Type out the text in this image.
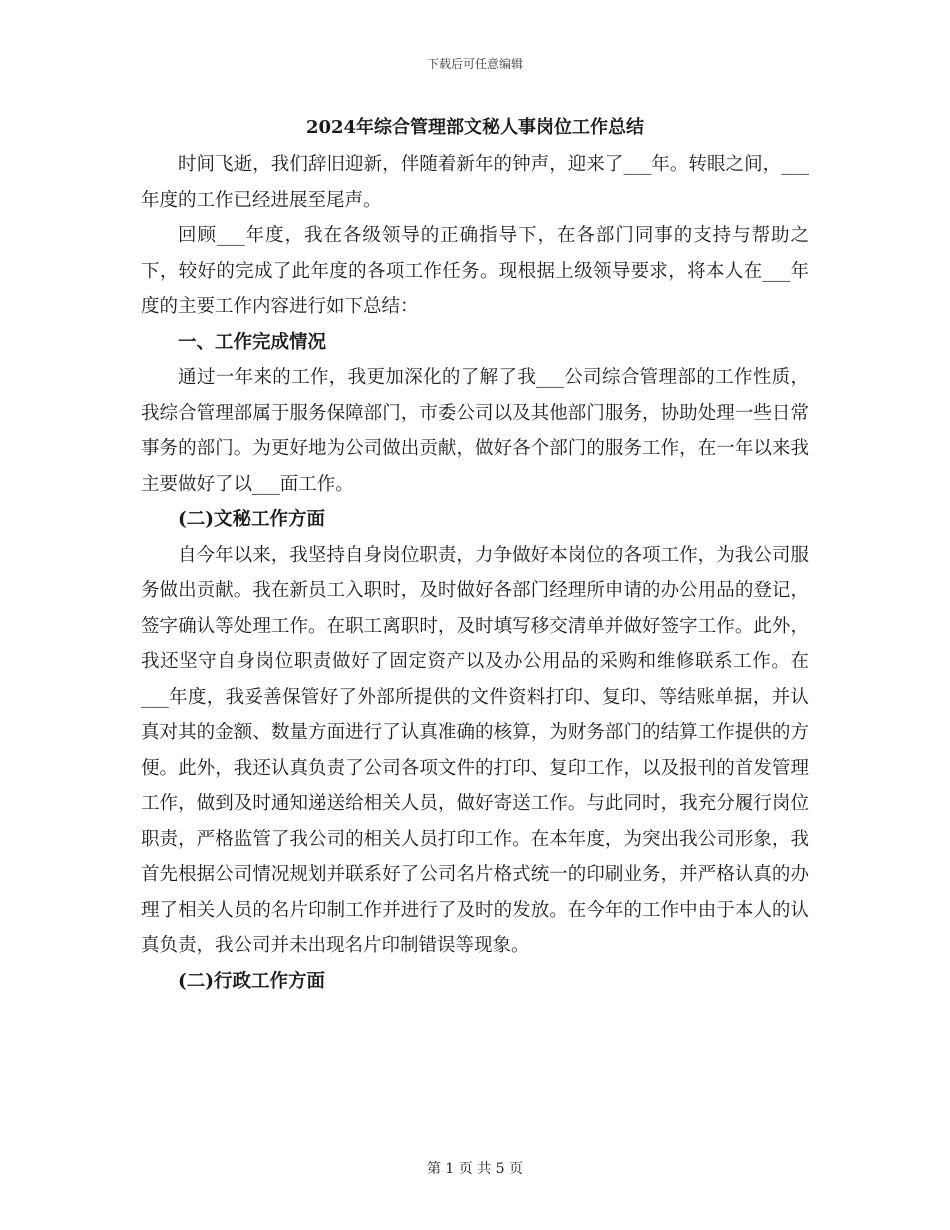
下载后可任意编辑
2024年综合管理部文秘人事岗位工作总结

时间飞逝，我们辞旧迎新，伴随着新年的钟声，迎来了___年。转眼之间，___年度的工作已经进展至尾声。

回顾___年度，我在各级领导的正确指导下，在各部门同事的支持与帮助之下，较好的完成了此年度的各项工作任务。现根据上级领导要求，将本人在___年度的主要工作内容进行如下总结：

一、工作完成情况

通过一年来的工作，我更加深化的了解了我___公司综合管理部的工作性质，我综合管理部属于服务保障部门，市委公司以及其他部门服务，协助处理一些日常事务的部门。为更好地为公司做出贡献，做好各个部门的服务工作，在一年以来我主要做好了以___面工作。

(二)文秘工作方面

自今年以来，我坚持自身岗位职责，力争做好本岗位的各项工作，为我公司服务做出贡献。我在新员工入职时，及时做好各部门经理所申请的办公用品的登记，签字确认等处理工作。在职工离职时，及时填写移交清单并做好签字工作。此外，我还坚守自身岗位职责做好了固定资产以及办公用品的采购和维修联系工作。在___年度，我妥善保管好了外部所提供的文件资料打印、复印、等结账单据，并认真对其的金额、数量方面进行了认真准确的核算，为财务部门的结算工作提供的方便。此外，我还认真负责了公司各项文件的打印、复印工作，以及报刊的首发管理工作，做到及时通知递送给相关人员，做好寄送工作。与此同时，我充分履行岗位职责，严格监管了我公司的相关人员打印工作。在本年度，为突出我公司形象，我首先根据公司情况规划并联系好了公司名片格式统一的印刷业务，并严格认真的办理了相关人员的名片印制工作并进行了及时的发放。在今年的工作中由于本人的认真负责，我公司并未出现名片印制错误等现象。

(二)行政工作方面
第 1 页 共 5 页
